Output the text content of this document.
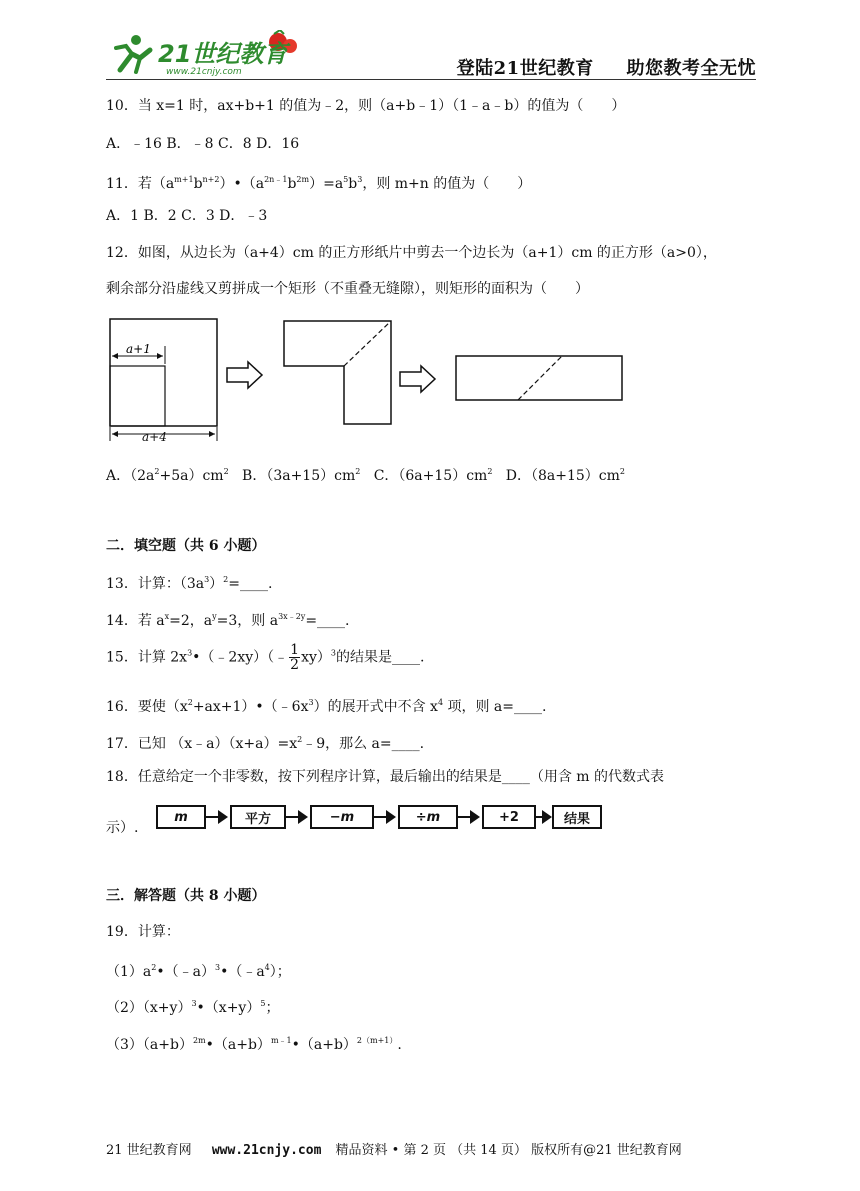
21世纪教育
www.21cnjy.com	登陆21世纪教育 助您教考全无忧
10．当 x=1 时，ax+b+1 的值为﹣2，则（a+b﹣1）（1﹣a﹣b）的值为（　　）
A．﹣16 B．﹣8 C．8 D．16
11．若$(a^{m+1}b^{n+2})•(a^{2n﹣1}b^{2m})=a^5b^3$，则 m+n 的值为（　　）
A．1 B．2 C．3 D．﹣3
12．如图，从边长为（a+4）cm 的正方形纸片中剪去一个边长为（a+1）cm 的正方形（a>0），
剩余部分沿虚线又剪拼成一个矩形（不重叠无缝隙），则矩形的面积为（　　）
a+1
a+4
A．$(2a^2+5a)cm^2$ B．$(3a+15)cm^2$ C．$(6a+15)cm^2$ D．$(8a+15)cm^2$
二．填空题（共 6 小题）
13．计算：$(3a^3)^2=\_\_\_\_$.
14．若 $a^x=2$，$a^y=3$，则 $a^{3x﹣2y}=\_\_\_\_$.
15．计算 $2x^3•(﹣2xy)(﹣ \frac{1}{2} xy)^3$的结果是____.
16．要使$(x^2+ax+1)•(﹣6x^3)$的展开式中不含 $x^4$ 项，则 a=____.
17．已知 $(x﹣a)(x+a)=x^2﹣9$，那么 a=____.
18．任意给定一个非零数，按下列程序计算，最后输出的结果是____（用含 m 的代数式表
m	平方	−m	÷m	+2	结果
示）.
三．解答题（共 8 小题）
19．计算：
$(1)a^2•(﹣a)^3•(﹣a^4)$；
$(2)(x+y)^3•(x+y)^5$；
$(3)(a+b)^{2m}•(a+b)^{m﹣1}•(a+b)^{2(m+1)}$.
21 世纪教育网 www.21cnjy.com 精品资料 • 第 2 页 （共 14 页） 版权所有@21 世纪教育网
